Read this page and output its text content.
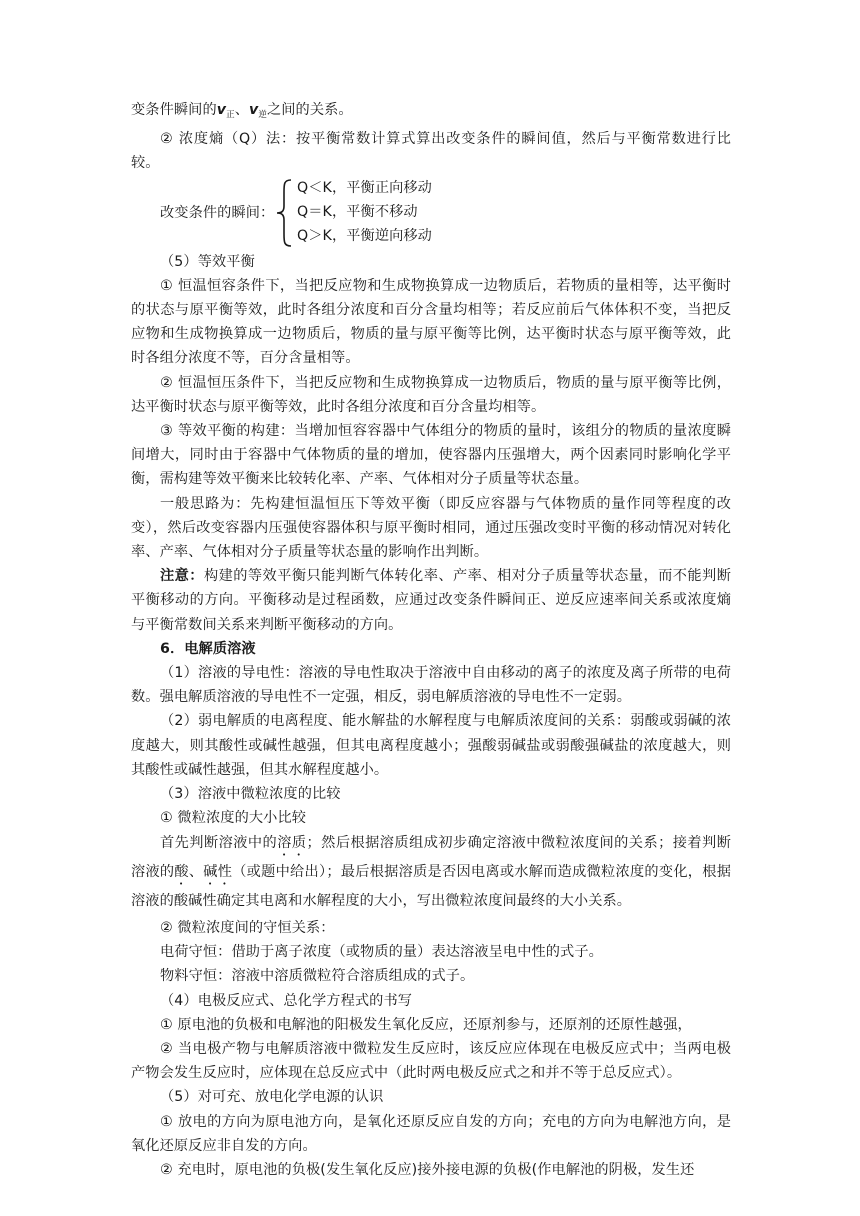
变条件瞬间的$v_正$、$v_逆$之间的关系。

② 浓度熵（Q）法：按平衡常数计算式算出改变条件的瞬间值，然后与平衡常数进行比较。

改变条件的瞬间：
Q＜K，平衡正向移动
Q＝K，平衡不移动
Q＞K，平衡逆向移动

（5）等效平衡

① 恒温恒容条件下，当把反应物和生成物换算成一边物质后，若物质的量相等，达平衡时的状态与原平衡等效，此时各组分浓度和百分含量均相等；若反应前后气体体积不变，当把反应物和生成物换算成一边物质后，物质的量与原平衡等比例，达平衡时状态与原平衡等效，此时各组分浓度不等，百分含量相等。

② 恒温恒压条件下，当把反应物和生成物换算成一边物质后，物质的量与原平衡等比例，达平衡时状态与原平衡等效，此时各组分浓度和百分含量均相等。

③ 等效平衡的构建：当增加恒容容器中气体组分的物质的量时，该组分的物质的量浓度瞬间增大，同时由于容器中气体物质的量的增加，使容器内压强增大，两个因素同时影响化学平衡，需构建等效平衡来比较转化率、产率、气体相对分子质量等状态量。

一般思路为：先构建恒温恒压下等效平衡（即反应容器与气体物质的量作同等程度的改变），然后改变容器内压强使容器体积与原平衡时相同，通过压强改变时平衡的移动情况对转化率、产率、气体相对分子质量等状态量的影响作出判断。

注意：构建的等效平衡只能判断气体转化率、产率、相对分子质量等状态量，而不能判断平衡移动的方向。平衡移动是过程函数，应通过改变条件瞬间正、逆反应速率间关系或浓度熵与平衡常数间关系来判断平衡移动的方向。

6．电解质溶液

（1）溶液的导电性：溶液的导电性取决于溶液中自由移动的离子的浓度及离子所带的电荷数。强电解质溶液的导电性不一定强，相反，弱电解质溶液的导电性不一定弱。

（2）弱电解质的电离程度、能水解盐的水解程度与电解质浓度间的关系：弱酸或弱碱的浓度越大，则其酸性或碱性越强，但其电离程度越小；强酸弱碱盐或弱酸强碱盐的浓度越大，则其酸性或碱性越强，但其水解程度越小。

（3）溶液中微粒浓度的比较

① 微粒浓度的大小比较

首先判断溶液中的溶质；然后根据溶质组成初步确定溶液中微粒浓度间的关系；接着判断溶液的酸、碱性（或题中给出）；最后根据溶质是否因电离或水解而造成微粒浓度的变化，根据溶液的酸碱性确定其电离和水解程度的大小，写出微粒浓度间最终的大小关系。

② 微粒浓度间的守恒关系：

电荷守恒：借助于离子浓度（或物质的量）表达溶液呈电中性的式子。

物料守恒：溶液中溶质微粒符合溶质组成的式子。

（4）电极反应式、总化学方程式的书写

① 原电池的负极和电解池的阳极发生氧化反应，还原剂参与，还原剂的还原性越强，

② 当电极产物与电解质溶液中微粒发生反应时，该反应应体现在电极反应式中；当两电极产物会发生反应时，应体现在总反应式中（此时两电极反应式之和并不等于总反应式）。

（5）对可充、放电化学电源的认识

① 放电的方向为原电池方向，是氧化还原反应自发的方向；充电的方向为电解池方向，是氧化还原反应非自发的方向。

② 充电时，原电池的负极(发生氧化反应)接外接电源的负极(作电解池的阴极，发生还
